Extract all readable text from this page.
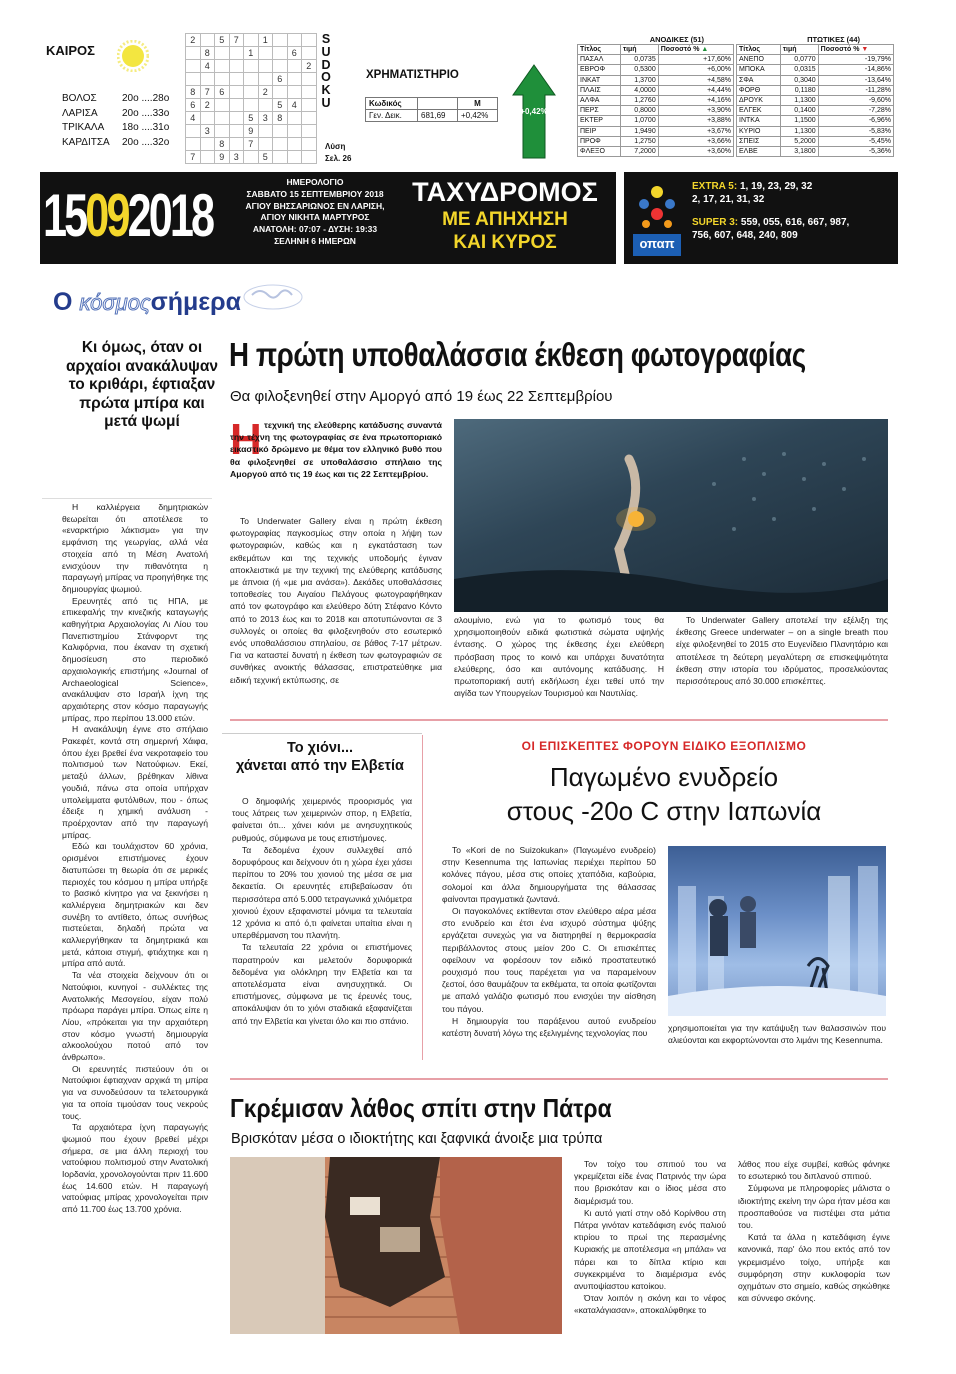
ΚΑΙΡΟΣ
ΒΟΛΟΣ	20ο ....28ο
ΛΑΡΙΣΑ 20ο ....33ο
ΤΡΙΚΑΛΑ 18ο ....31ο
ΚΑΡΔΙΤΣΑ 20ο ....32ο
2		5	7		1			
	8			1			6	
	4							2
						6		
8	7	6			2			
6	2					5	4	
4				5	3	8		
	3			9				
		8		7				
7		9	3		5			
SUDOKU
Λύση
Σελ. 26
ΧΡΗΜΑΤΙΣΤΗΡΙΟ
Κωδικός		Μ
Γεν. Δεικ.	681,69	+0,42%	+0,42%
ΑΝΟΔΙΚΕΣ (51)
Τίτλος	τιμή	Ποσοστό % ▲
ΠΑΣΑΛ	0,0735	+17,60%
ΕΒΡΟΦ	0,5300	+6,00%
ΙΝΚΑΤ	1,3700	+4,58%
ΠΛΑΙΣ	4,0000	+4,44%
ΑΛΦΑ	1,2760	+4,16%
ΠΕΡΣ	0,8000	+3,90%
ΕΚΤΕΡ	1,0700	+3,88%
ΠΕΙΡ	1,9490	+3,67%
ΠΡΟΦ	1,2750	+3,66%
ΦΛΕΞΟ	7,2000	+3,60%
ΠΤΩΤΙΚΕΣ (44)
Τίτλος	τιμή	Ποσοστό % ▼
ΑΝΕΠΟ	0,0770	-19,79%
ΜΠΟΚΑ	0,0315	-14,86%
ΣΦΑ	0,3040	-13,64%
ΦΟΡΘ	0,1180	-11,28%
ΔΡΟΥΚ	1,1300	-9,60%
ΕΛΓΕΚ	0,1400	-7,28%
ΙΝΤΚΑ	1,1500	-6,96%
ΚΥΡΙΟ	1,1300	-5,83%
ΣΠΕΙΣ	5,2000	-5,45%
ΕΛΒΕ	3,1800	-5,36%
15092018	ΗΜΕΡΟΛΟΓΙΟ
ΣΑΒΒΑΤΟ 15 ΣΕΠΤΕΜΒΡΙΟΥ 2018
ΑΓΙΟΥ ΒΗΣΣΑΡΙΩΝΟΣ ΕΝ ΛΑΡΙΣΗ,
ΑΓΙΟΥ ΝΙΚΗΤΑ ΜΑΡΤΥΡΟΣ
ΑΝΑΤΟΛΗ: 07:07 - ΔΥΣΗ: 19:33
ΣΕΛΗΝΗ 6 ΗΜΕΡΩΝ
ΤΑΧΥΔΡΟΜΟΣ
ΜΕ ΑΠΗΧΗΣΗ
ΚΑΙ ΚΥΡΟΣ	οπαπ
EXTRA 5: 1, 19, 23, 29, 32
2, 17, 21, 31, 32
SUPER 3: 559, 055, 616, 667, 987,
756, 607, 648, 240, 809
Ο κόσμοςσήμερα
Κι όμως, όταν οι αρχαίοι ανακάλυψαν το κριθάρι, έφτιαξαν πρώτα μπίρα και μετά ψωμί

Η καλλιέργεια δημητριακών θεωρείται ότι αποτέλεσε το «εναρκτήριο λάκτισμα» για την εμφάνιση της γεωργίας, αλλά νέα στοιχεία από τη Μέση Ανατολή ενισχύουν την πιθανότητα η παραγωγή μπίρας να προηγήθηκε της δημιουργίας ψωμιού.

Ερευνητές από τις ΗΠΑ, με επικεφαλής την κινεζικής καταγωγής καθηγήτρια Αρχαιολογίας Λι Λίου του Πανεπιστημίου Στάνφορντ της Καλιφόρνια, που έκαναν τη σχετική δημοσίευση στο περιοδικό αρχαιολογικής επιστήμης «Journal of Archaeological Science», ανακάλυψαν στο Ισραήλ ίχνη της αρχαιότερης στον κόσμο παραγωγής μπίρας, προ περίπου 13.000 ετών.

Η ανακάλυψη έγινε στο σπήλαιο Ρακεφέτ, κοντά στη σημερινή Χάιφα, όπου έχει βρεθεί ένα νεκροταφείο του πολιτισμού των Νατούφιων. Εκεί, μεταξύ άλλων, βρέθηκαν λίθινα γουδιά, πάνω στα οποία υπήρχαν υπολείμματα φυτόλιθων, που - όπως έδειξε η χημική ανάλυση - προέρχονταν από την παραγωγή μπίρας.

Εδώ και τουλάχιστον 60 χρόνια, ορισμένοι επιστήμονες έχουν διατυπώσει τη θεωρία ότι σε μερικές περιοχές του κόσμου η μπίρα υπήρξε το βασικό κίνητρο για να ξεκινήσει η καλλιέργεια δημητριακών και δεν συνέβη το αντίθετο, όπως συνήθως πιστεύεται, δηλαδή πρώτα να καλλιεργήθηκαν τα δημητριακά και μετά, κάποια στιγμή, φτιάχτηκε και η μπίρα από αυτά.

Τα νέα στοιχεία δείχνουν ότι οι Νατούφιοι, κυνηγοί - συλλέκτες της Ανατολικής Μεσογείου, είχαν πολύ πρόωρα παράγει μπίρα. Όπως είπε η Λίου, «πρόκειται για την αρχαιότερη στον κόσμο γνωστή δημιουργία αλκοολούχου ποτού από τον άνθρωπο».

Οι ερευνητές πιστεύουν ότι οι Νατούφιοι έφτιαχναν αρχικά τη μπίρα για να συνοδεύσουν τα τελετουργικά για τα οποία τιμούσαν τους νεκρούς τους.

Τα αρχαιότερα ίχνη παραγωγής ψωμιού που έχουν βρεθεί μέχρι σήμερα, σε μια άλλη περιοχή του νατούφιου πολιτισμού στην Ανατολική Ιορδανία, χρονολογούνται πριν 11.600 έως 14.600 ετών. Η παραγωγή νατούφιας μπίρας χρονολογείται πριν από 11.700 έως 13.700 χρόνια.

Η πρώτη υποθαλάσσια έκθεση φωτογραφίας
Θα φιλοξενηθεί στην Αμοργό από 19 έως 22 Σεπτεμβρίου
Η τεχνική της ελεύθερης κατάδυσης συναντά την τέχνη της φωτογραφίας σε ένα πρωτοποριακό εικαστικό δρώμενο με θέμα τον ελληνικό βυθό που θα φιλοξενηθεί σε υποθαλάσσιο σπήλαιο της Αμοργού από τις 19 έως και τις 22 Σεπτεμβρίου.
Το Underwater Gallery είναι η πρώτη έκθεση φωτογραφίας παγκοσμίως στην οποία η λήψη των φωτογραφιών, καθώς και η εγκατάσταση των εκθεμάτων και της τεχνικής υποδομής έγιναν αποκλειστικά με την τεχνική της ελεύθερης κατάδυσης με άπνοια (ή «με μια ανάσα»). Δεκάδες υποθαλάσσιες τοποθεσίες του Αιγαίου Πελάγους φωτογραφήθηκαν από τον φωτογράφο και ελεύθερο δύτη Στέφανο Κόντο από το 2013 έως και το 2018 και αποτυπώνονται σε 3 συλλογές οι οποίες θα φιλοξενηθούν στο εσωτερικό ενός υποθαλάσσιου σπηλαίου, σε βάθος 7-17 μέτρων. Για να καταστεί δυνατή η έκθεση των φωτογραφιών σε συνθήκες ανοικτής θάλασσας, επιστρατεύθηκε μια ειδική τεχνική εκτύπωσης, σε
αλουμίνιο, ενώ για το φωτισμό τους θα χρησιμοποιηθούν ειδικά φωτιστικά σώματα υψηλής έντασης. Ο χώρος της έκθεσης έχει ελεύθερη πρόσβαση προς το κοινό και υπάρχει δυνατότητα ελεύθερης, όσο και αυτόνομης κατάδυσης. Η πρωτοποριακή αυτή εκδήλωση έχει τεθεί υπό την αιγίδα των Υπουργείων Τουρισμού και Ναυτιλίας.
Το Underwater Gallery αποτελεί την εξέλιξη της έκθεσης Greece underwater – on a single breath που είχε φιλοξενηθεί το 2015 στο Ευγενίδειο Πλανητάριο και αποτέλεσε τη δεύτερη μεγαλύτερη σε επισκεψιμότητα έκθεση στην ιστορία του ιδρύματος, προσελκύοντας περισσότερους από 30.000 επισκέπτες.
Το χιόνι...
χάνεται από την Ελβετία

Ο δημοφιλής χειμερινός προορισμός για τους λάτρεις των χειμερινών σπορ, η Ελβετία, φαίνεται ότι... χάνει κιόνι με ανησυχητικούς ρυθμούς, σύμφωνα με τους επιστήμονες.

Τα δεδομένα έχουν συλλεχθεί από δορυφόρους και δείχνουν ότι η χώρα έχει χάσει περίπου το 20% του χιονιού της μέσα σε μια δεκαετία. Οι ερευνητές επιβεβαίωσαν ότι περισσότερα από 5.000 τετραγωνικά χιλιόμετρα χιονιού έχουν εξαφανιστεί μόνιμα τα τελευταία 12 χρόνια κι από ό,τι φαίνεται υπαίτια είναι η υπερθέρμανση του πλανήτη.

Τα τελευταία 22 χρόνια οι επιστήμονες παρατηρούν και μελετούν δορυφορικά δεδομένα για ολόκληρη την Ελβετία και τα αποτελέσματα είναι ανησυχητικά. Οι επιστήμονες, σύμφωνα με τις έρευνές τους, αποκάλυψαν ότι το χιόνι σταδιακά εξαφανίζεται από την Ελβετία και γίνεται όλο και πιο σπάνιο.

ΟΙ ΕΠΙΣΚΕΠΤΕΣ ΦΟΡΟΥΝ ΕΙΔΙΚΟ ΕΞΟΠΛΙΣΜΟ
Παγωμένο ενυδρείο
στους -20ο C στην Ιαπωνία

Το «Kori de no Suizokukan» (Παγωμένο ενυδρείο) στην Kesennuma της Ιαπωνίας περιέχει περίπου 50 κολόνες πάγου, μέσα στις οποίες χταπόδια, καβούρια, σολομοί και άλλα δημιουργήματα της θάλασσας φαίνονται πραγματικά ζωντανά.

Οι παγοκολόνες εκτίθενται στον ελεύθερο αέρα μέσα στο ενυδρείο και έτσι ένα ισχυρό σύστημα ψύξης εργάζεται συνεχώς για να διατηρηθεί η θερμοκρασία περιβάλλοντος στους μείον 20ο C. Οι επισκέπτες οφείλουν να φορέσουν τον ειδικό προστατευτικό ρουχισμό που τους παρέχεται για να παραμείνουν ζεστοί, όσο θαυμάζουν τα εκθέματα, τα οποία φωτίζονται με απαλό γαλάζιο φωτισμό που ενισχύει την αίσθηση του πάγου.

Η δημιουργία του παράξενου αυτού ενυδρείου κατέστη δυνατή λόγω της εξελιγμένης τεχνολογίας που

χρησιμοποιείται για την κατάψυξη των θαλασσινών που αλιεύονται και εκφορτώνονται στο λιμάνι της Kesennuma.
Γκρέμισαν λάθος σπίτι στην Πάτρα
Βρισκόταν μέσα ο ιδιοκτήτης και ξαφνικά άνοιξε μια τρύπα

Τον τοίχο του σπιτιού του να γκρεμίζεται είδε ένας Πατρινός την ώρα που βρισκόταν και ο ίδιος μέσα στο διαμέρισμά του.

Κι αυτό γιατί στην οδό Κορίνθου στη Πάτρα γινόταν κατεδάφιση ενός παλιού κτιρίου το πρωί της περασμένης Κυριακής με αποτέλεσμα «η μπάλα» να πάρει και το δίπλα κτίριο και συγκεκριμένα το διαμέρισμα ενός ανυποψίαστου κατοίκου.

Όταν λοιπόν η σκόνη και το νέφος «καταλάγιασαν», αποκαλύφθηκε το

λάθος που είχε συμβεί, καθώς φάνηκε το εσωτερικό του διπλανού σπιτιού.

Σύμφωνα με πληροφορίες μάλιστα ο ιδιοκτήτης εκείνη την ώρα ήταν μέσα και προσπαθούσε να πιστέψει στα μάτια του.

Κατά τα άλλα η κατεδάφιση έγινε κανονικά, παρ' όλο που εκτός από τον γκρεμισμένο τοίχο, υπήρξε και συμφόρηση στην κυκλοφορία των οχημάτων στο σημείο, καθώς σηκώθηκε και σύννεφο σκόνης.
